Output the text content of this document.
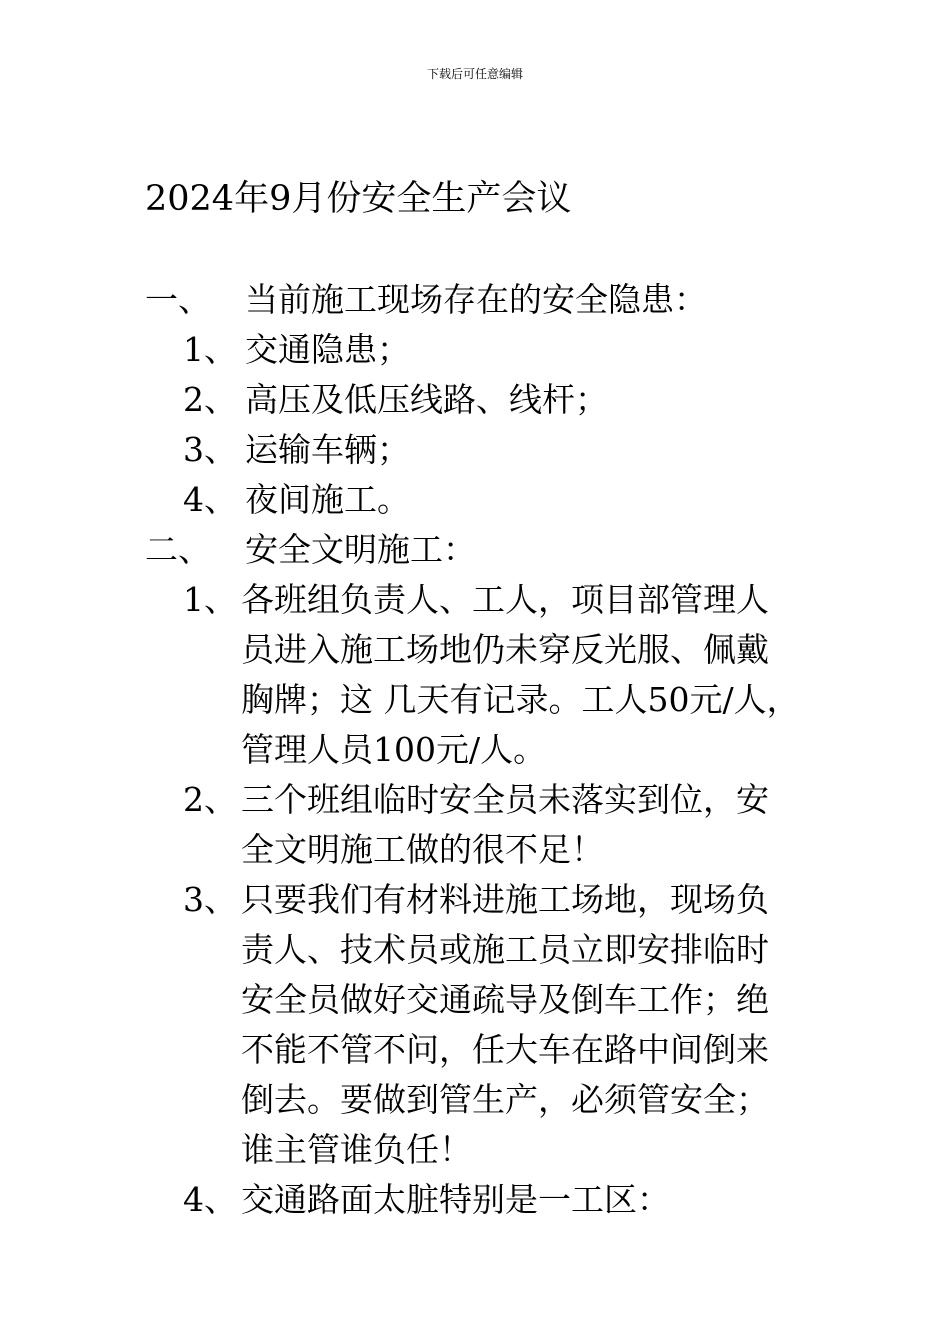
下载后可任意编辑
2024年9月份安全生产会议
一、 当前施工现场存在的安全隐患：
1、 交通隐患；
2、 高压及低压线路、线杆；
3、 运输车辆；
4、 夜间施工。
二、 安全文明施工：
1、 各班组负责人、工人，项目部管理人
员进入施工场地仍未穿反光服、佩戴
胸牌；这 几天有记录。工人50元/人，
管理人员100元/人。
2、 三个班组临时安全员未落实到位，安
全文明施工做的很不足！
3、 只要我们有材料进施工场地，现场负
责人、技术员或施工员立即安排临时
安全员做好交通疏导及倒车工作；绝
不能不管不问，任大车在路中间倒来
倒去。要做到管生产，必须管安全；
谁主管谁负任！
4、 交通路面太脏特别是一工区：
